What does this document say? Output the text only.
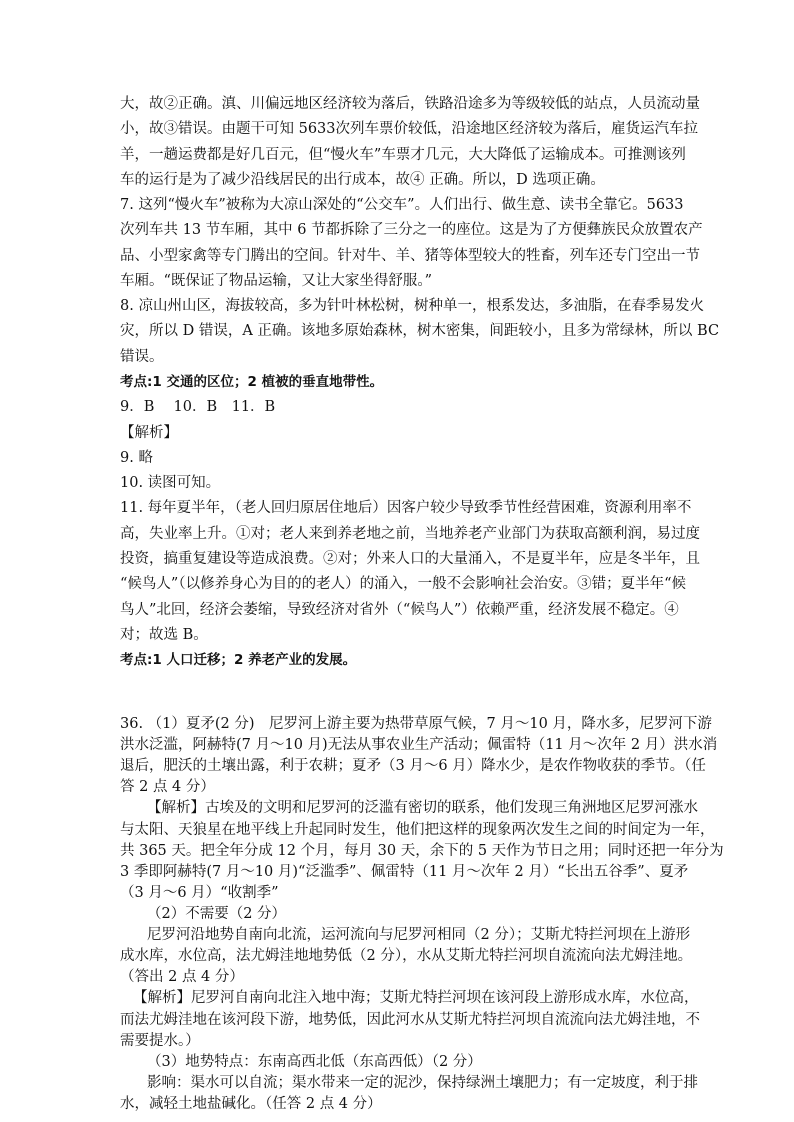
大，故②正确。滇、川偏远地区经济较为落后，铁路沿途多为等级较低的站点，人员流动量

小，故③错误。由题干可知 5633次列车票价较低，沿途地区经济较为落后，雇货运汽车拉

羊，一趟运费都是好几百元，但“慢火车”车票才几元，大大降低了运输成本。可推测该列

车的运行是为了减少沿线居民的出行成本，故④ 正确。所以，D 选项正确。

7. 这列“慢火车”被称为大凉山深处的“公交车”。人们出行、做生意、读书全靠它。5633

次列车共 13 节车厢，其中 6 节都拆除了三分之一的座位。这是为了方便彝族民众放置农产

品、小型家禽等专门腾出的空间。针对牛、羊、猪等体型较大的牲畜，列车还专门空出一节

车厢。“既保证了物品运输，又让大家坐得舒服。”

8. 凉山州山区，海拔较高，多为针叶林松树，树种单一，根系发达，多油脂，在春季易发火

灾，所以 D 错误，A 正确。该地多原始森林，树木密集，间距较小，且多为常绿林，所以 BC

错误。

考点:1 交通的区位；2 植被的垂直地带性。

9．B　 10．B　11．B

【解析】

9. 略

10. 读图可知。

11. 每年夏半年，（老人回归原居住地后）因客户较少导致季节性经营困难，资源利用率不

高，失业率上升。①对；老人来到养老地之前，当地养老产业部门为获取高额利润，易过度

投资，搞重复建设等造成浪费。②对；外来人口的大量涌入，不是夏半年，应是冬半年，且

“候鸟人”（以修养身心为目的的老人）的涌入，一般不会影响社会治安。③错；夏半年“候

鸟人”北回，经济会萎缩，导致经济对省外（“候鸟人”）依赖严重，经济发展不稳定。④

对；故选 B。

考点:1 人口迁移；2 养老产业的发展。

36. （1）夏矛(2 分)　尼罗河上游主要为热带草原气候，7 月～10 月，降水多，尼罗河下游

洪水泛滥，阿赫特(7 月～10 月)无法从事农业生产活动；佩雷特（11 月～次年 2 月）洪水消

退后，肥沃的土壤出露，利于农耕；夏矛（3 月～6 月）降水少，是农作物收获的季节。（任

答 2 点 4 分）

【解析】古埃及的文明和尼罗河的泛滥有密切的联系，他们发现三角洲地区尼罗河涨水

与太阳、天狼星在地平线上升起同时发生，他们把这样的现象两次发生之间的时间定为一年，

共 365 天。把全年分成 12 个月，每月 30 天，余下的 5 天作为节日之用；同时还把一年分为

3 季即阿赫特(7 月～10 月)“泛滥季”、佩雷特（11 月～次年 2 月）“长出五谷季”、夏矛

（3 月～6 月）“收割季”

（2）不需要（2 分）

尼罗河沿地势自南向北流，运河流向与尼罗河相同（2 分）；艾斯尤特拦河坝在上游形

成水库，水位高，法尤姆洼地地势低（2 分），水从艾斯尤特拦河坝自流流向法尤姆洼地。

（答出 2 点 4 分）

【解析】尼罗河自南向北注入地中海；艾斯尤特拦河坝在该河段上游形成水库，水位高，

而法尤姆洼地在该河段下游，地势低，因此河水从艾斯尤特拦河坝自流流向法尤姆洼地，不

需要提水。）

（3）地势特点：东南高西北低（东高西低）（2 分）

影响：渠水可以自流；渠水带来一定的泥沙，保持绿洲土壤肥力；有一定坡度，利于排

水，减轻土地盐碱化。（任答 2 点 4 分）
